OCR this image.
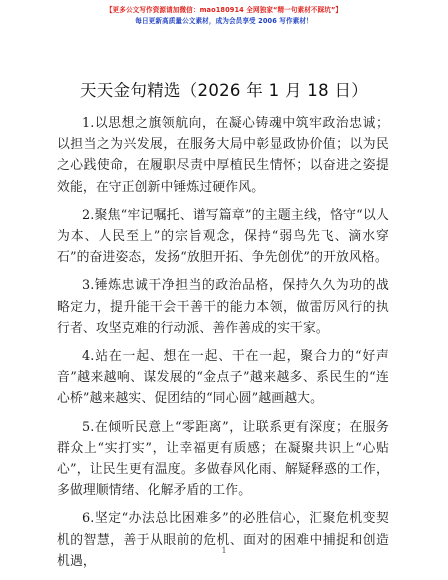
【更多公文写作资源请加微信：mao180914 全网独家“精一句素材不踩坑”】
每日更新高质量公文素材，成为会员享受 2006 写作素材！
天天金句精选（2026 年 1 月 18 日）

1.以思想之旗领航向，在凝心铸魂中筑牢政治忠诚；以担当之为兴发展，在服务大局中彰显政协价值；以为民之心践使命，在履职尽责中厚植民生情怀；以奋进之姿提效能，在守正创新中锤炼过硬作风。

2.聚焦“牢记嘱托、谱写篇章”的主题主线，恪守“以人为本、人民至上”的宗旨观念，保持“弱鸟先飞、滴水穿石”的奋进姿态，发扬“放胆开拓、争先创优”的开放风格。

3.锤炼忠诚干净担当的政治品格，保持久久为功的战略定力，提升能干会干善干的能力本领，做雷厉风行的执行者、攻坚克难的行动派、善作善成的实干家。

4.站在一起、想在一起、干在一起，聚合力的“好声音”越来越响、谋发展的“金点子”越来越多、系民生的“连心桥”越来越实、促团结的“同心圆”越画越大。

5.在倾听民意上“零距离”，让联系更有深度；在服务群众上“实打实”，让幸福更有质感；在凝聚共识上“心贴心”，让民生更有温度。多做春风化雨、解疑释惑的工作，多做理顺情绪、化解矛盾的工作。

6.坚定“办法总比困难多”的必胜信心，汇聚危机变契机的智慧，善于从眼前的危机、面对的困难中捕捉和创造机遇，

1
